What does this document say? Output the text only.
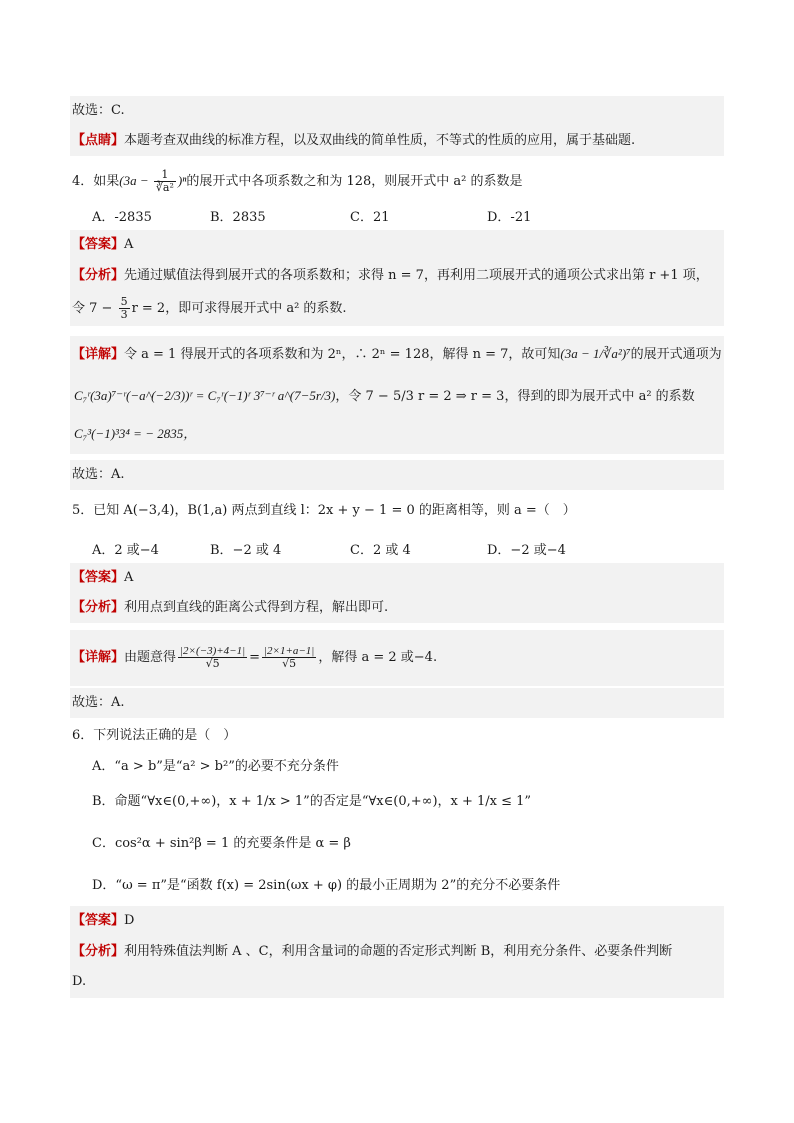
故选：C.
【点睛】本题考查双曲线的标准方程，以及双曲线的简单性质，不等式的性质的应用，属于基础题.
4．如果$(3a - \frac{1}{\text{∛a²}} )^n$的展开式中各项系数之和为 128，则展开式中 a² 的系数是
A．-2835	B．2835	C．21	D．-21
【答案】A
【分析】先通过赋值法得到展开式的各项系数和；求得 n = 7，再利用二项展开式的通项公式求出第 r +1 项，
令 $7 - \frac{5}{3}$ r = 2，即可求得展开式中 a² 的系数.
【详解】令 a = 1 得展开式的各项系数和为 2ⁿ，∴ 2ⁿ = 128，解得 n = 7，故可知(3a − 1/∛a²)⁷的展开式通项为
C₇ʳ(3a)⁷⁻ʳ(−a^(−2/3))ʳ = C₇ʳ(−1)ʳ 3⁷⁻ʳ a^(7−5r/3)，令 7 − 5/3 r = 2 ⇒ r = 3，得到的即为展开式中 a² 的系数
C₇³(−1)³3⁴ = − 2835，
故选：A.
5．已知 A(−3,4)，B(1,a) 两点到直线 l：2x + y − 1 = 0 的距离相等，则 a =（　）
A．2 或−4	B．−2 或 4	C．2 或 4	D．−2 或−4
【答案】A
【分析】利用点到直线的距离公式得到方程，解出即可.
【详解】由题意得 $\frac{|2\times(-3)+4-1|}{√5} = \frac{|2\times 1+a-1|}{√5}$ ，解得 a = 2 或−4.
故选：A.
6．下列说法正确的是（　）
A．“a > b”是“a² > b²”的必要不充分条件
B．命题“∀x∈(0,+∞)，x + 1/x > 1”的否定是“∀x∈(0,+∞)，x + 1/x ≤ 1”
C．cos²α + sin²β = 1 的充要条件是 α = β
D．“ω = π”是“函数 f(x) = 2sin(ωx + φ) 的最小正周期为 2”的充分不必要条件
【答案】D
【分析】利用特殊值法判断 A 、C，利用含量词的命题的否定形式判断 B，利用充分条件、必要条件判断
D.
